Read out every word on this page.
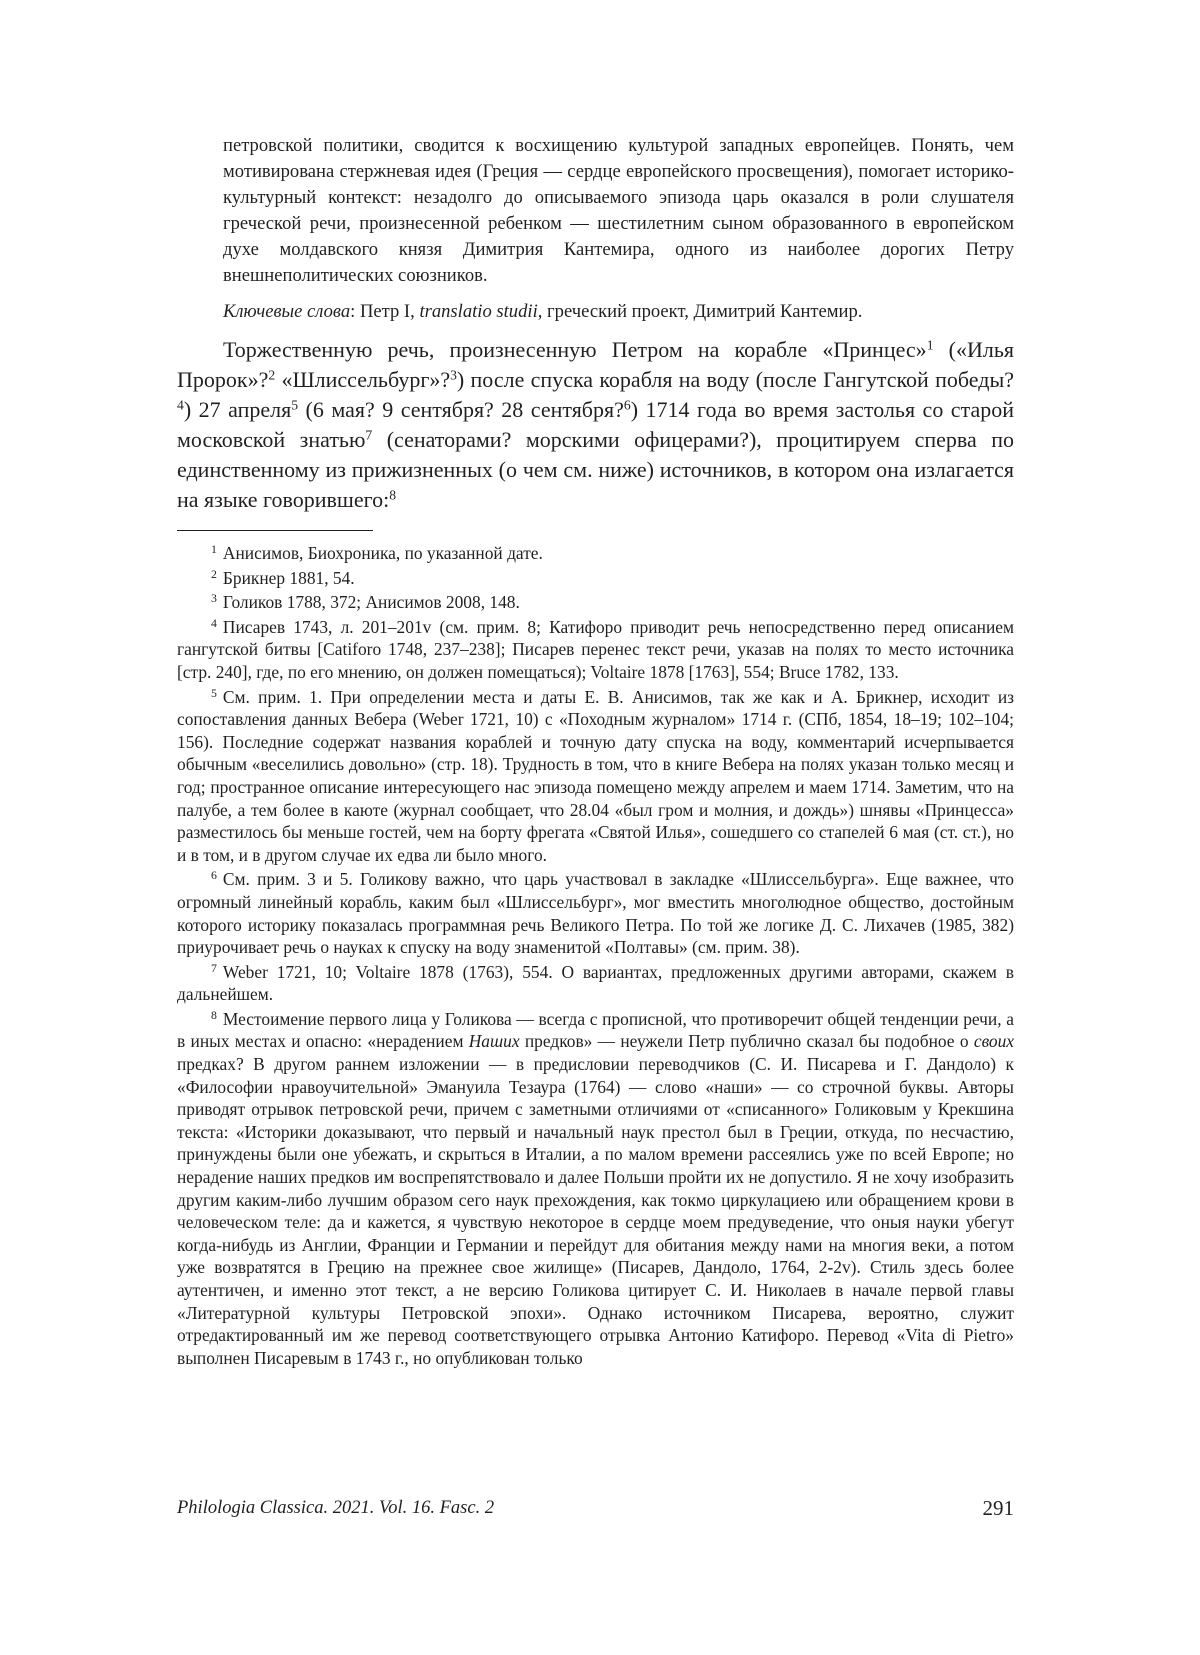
петровской политики, сводится к восхищению культурой западных европейцев. Понять, чем мотивирована стержневая идея (Греция — сердце европейского просвещения), помогает историко-культурный контекст: незадолго до описываемого эпизода царь оказался в роли слушателя греческой речи, произнесенной ребенком — шестилетним сыном образованного в европейском духе молдавского князя Димитрия Кантемира, одного из наиболее дорогих Петру внешнеполитических союзников.

Ключевые слова: Петр I, translatio studii, греческий проект, Димитрий Кантемир.

Торжественную речь, произнесенную Петром на корабле «Принцес»$^1$ («Илья Пророк»?$^2$ «Шлиссельбург»?$^3$) после спуска корабля на воду (после Гангутской победы?$^4$) 27 апреля$^5$ (6 мая? 9 сентября? 28 сентября?$^6$) 1714 года во время застолья со старой московской знатью$^7$ (сенаторами? морскими офицерами?), процитируем сперва по единственному из прижизненных (о чем см. ниже) источников, в котором она излагается на языке говорившего:$^8$

$^1$ Анисимов, Биохроника, по указанной дате.

$^2$ Брикнер 1881, 54.

$^3$ Голиков 1788, 372; Анисимов 2008, 148.

$^4$ Писарев 1743, л. 201–201v (см. прим. 8; Катифоро приводит речь непосредственно перед описанием гангутской битвы [Catiforo 1748, 237–238]; Писарев перенес текст речи, указав на полях то место источника [стр. 240], где, по его мнению, он должен помещаться); Voltaire 1878 [1763], 554; Bruce 1782, 133.

$^5$ См. прим. 1. При определении места и даты Е. В. Анисимов, так же как и А. Брикнер, исходит из сопоставления данных Вебера (Weber 1721, 10) с «Походным журналом» 1714 г. (СПб, 1854, 18–19; 102–104; 156). Последние содержат названия кораблей и точную дату спуска на воду, комментарий исчерпывается обычным «веселились довольно» (стр. 18). Трудность в том, что в книге Вебера на полях указан только месяц и год; пространное описание интересующего нас эпизода помещено между апрелем и маем 1714. Заметим, что на палубе, а тем более в каюте (журнал сообщает, что 28.04 «был гром и молния, и дождь») шнявы «Принцесса» разместилось бы меньше гостей, чем на борту фрегата «Святой Илья», сошедшего со стапелей 6 мая (ст. ст.), но и в том, и в другом случае их едва ли было много.

$^6$ См. прим. 3 и 5. Голикову важно, что царь участвовал в закладке «Шлиссельбурга». Еще важнее, что огромный линейный корабль, каким был «Шлиссельбург», мог вместить многолюдное общество, достойным которого историку показалась программная речь Великого Петра. По той же логике Д. С. Лихачев (1985, 382) приурочивает речь о науках к спуску на воду знаменитой «Полтавы» (см. прим. 38).

$^7$ Weber 1721, 10; Voltaire 1878 (1763), 554. О вариантах, предложенных другими авторами, скажем в дальнейшем.

$^8$ Местоимение первого лица у Голикова — всегда с прописной, что противоречит общей тенденции речи, а в иных местах и опасно: «нерадением Наших предков» — неужели Петр публично сказал бы подобное о своих предках? В другом раннем изложении — в предисловии переводчиков (С. И. Писарева и Г. Дандоло) к «Философии нравоучительной» Эмануила Тезаура (1764) — слово «наши» — со строчной буквы. Авторы приводят отрывок петровской речи, причем с заметными отличиями от «списанного» Голиковым у Крекшина текста: «Историки доказывают, что первый и начальный наук престол был в Греции, откуда, по несчастию, принуждены были оне убежать, и скрыться в Италии, а по малом времени рассеялись уже по всей Европе; но нерадение наших предков им воспрепятствовало и далее Польши пройти их не допустило. Я не хочу изобразить другим каким-либо лучшим образом сего наук прехождения, как токмо циркулациею или обращением крови в человеческом теле: да и кажется, я чувствую некоторое в сердце моем предуведение, что оныя науки убегут когда-нибудь из Англии, Франции и Германии и перейдут для обитания между нами на многия веки, а потом уже возвратятся в Грецию на прежнее свое жилище» (Писарев, Дандоло, 1764, 2-2v). Стиль здесь более аутентичен, и именно этот текст, а не версию Голикова цитирует С. И. Николаев в начале первой главы «Литературной культуры Петровской эпохи». Однако источником Писарева, вероятно, служит отредактированный им же перевод соответствующего отрывка Антонио Катифоро. Перевод «Vita di Pietro» выполнен Писаревым в 1743 г., но опубликован только

Philologia Classica. 2021. Vol. 16. Fasc. 2	291
